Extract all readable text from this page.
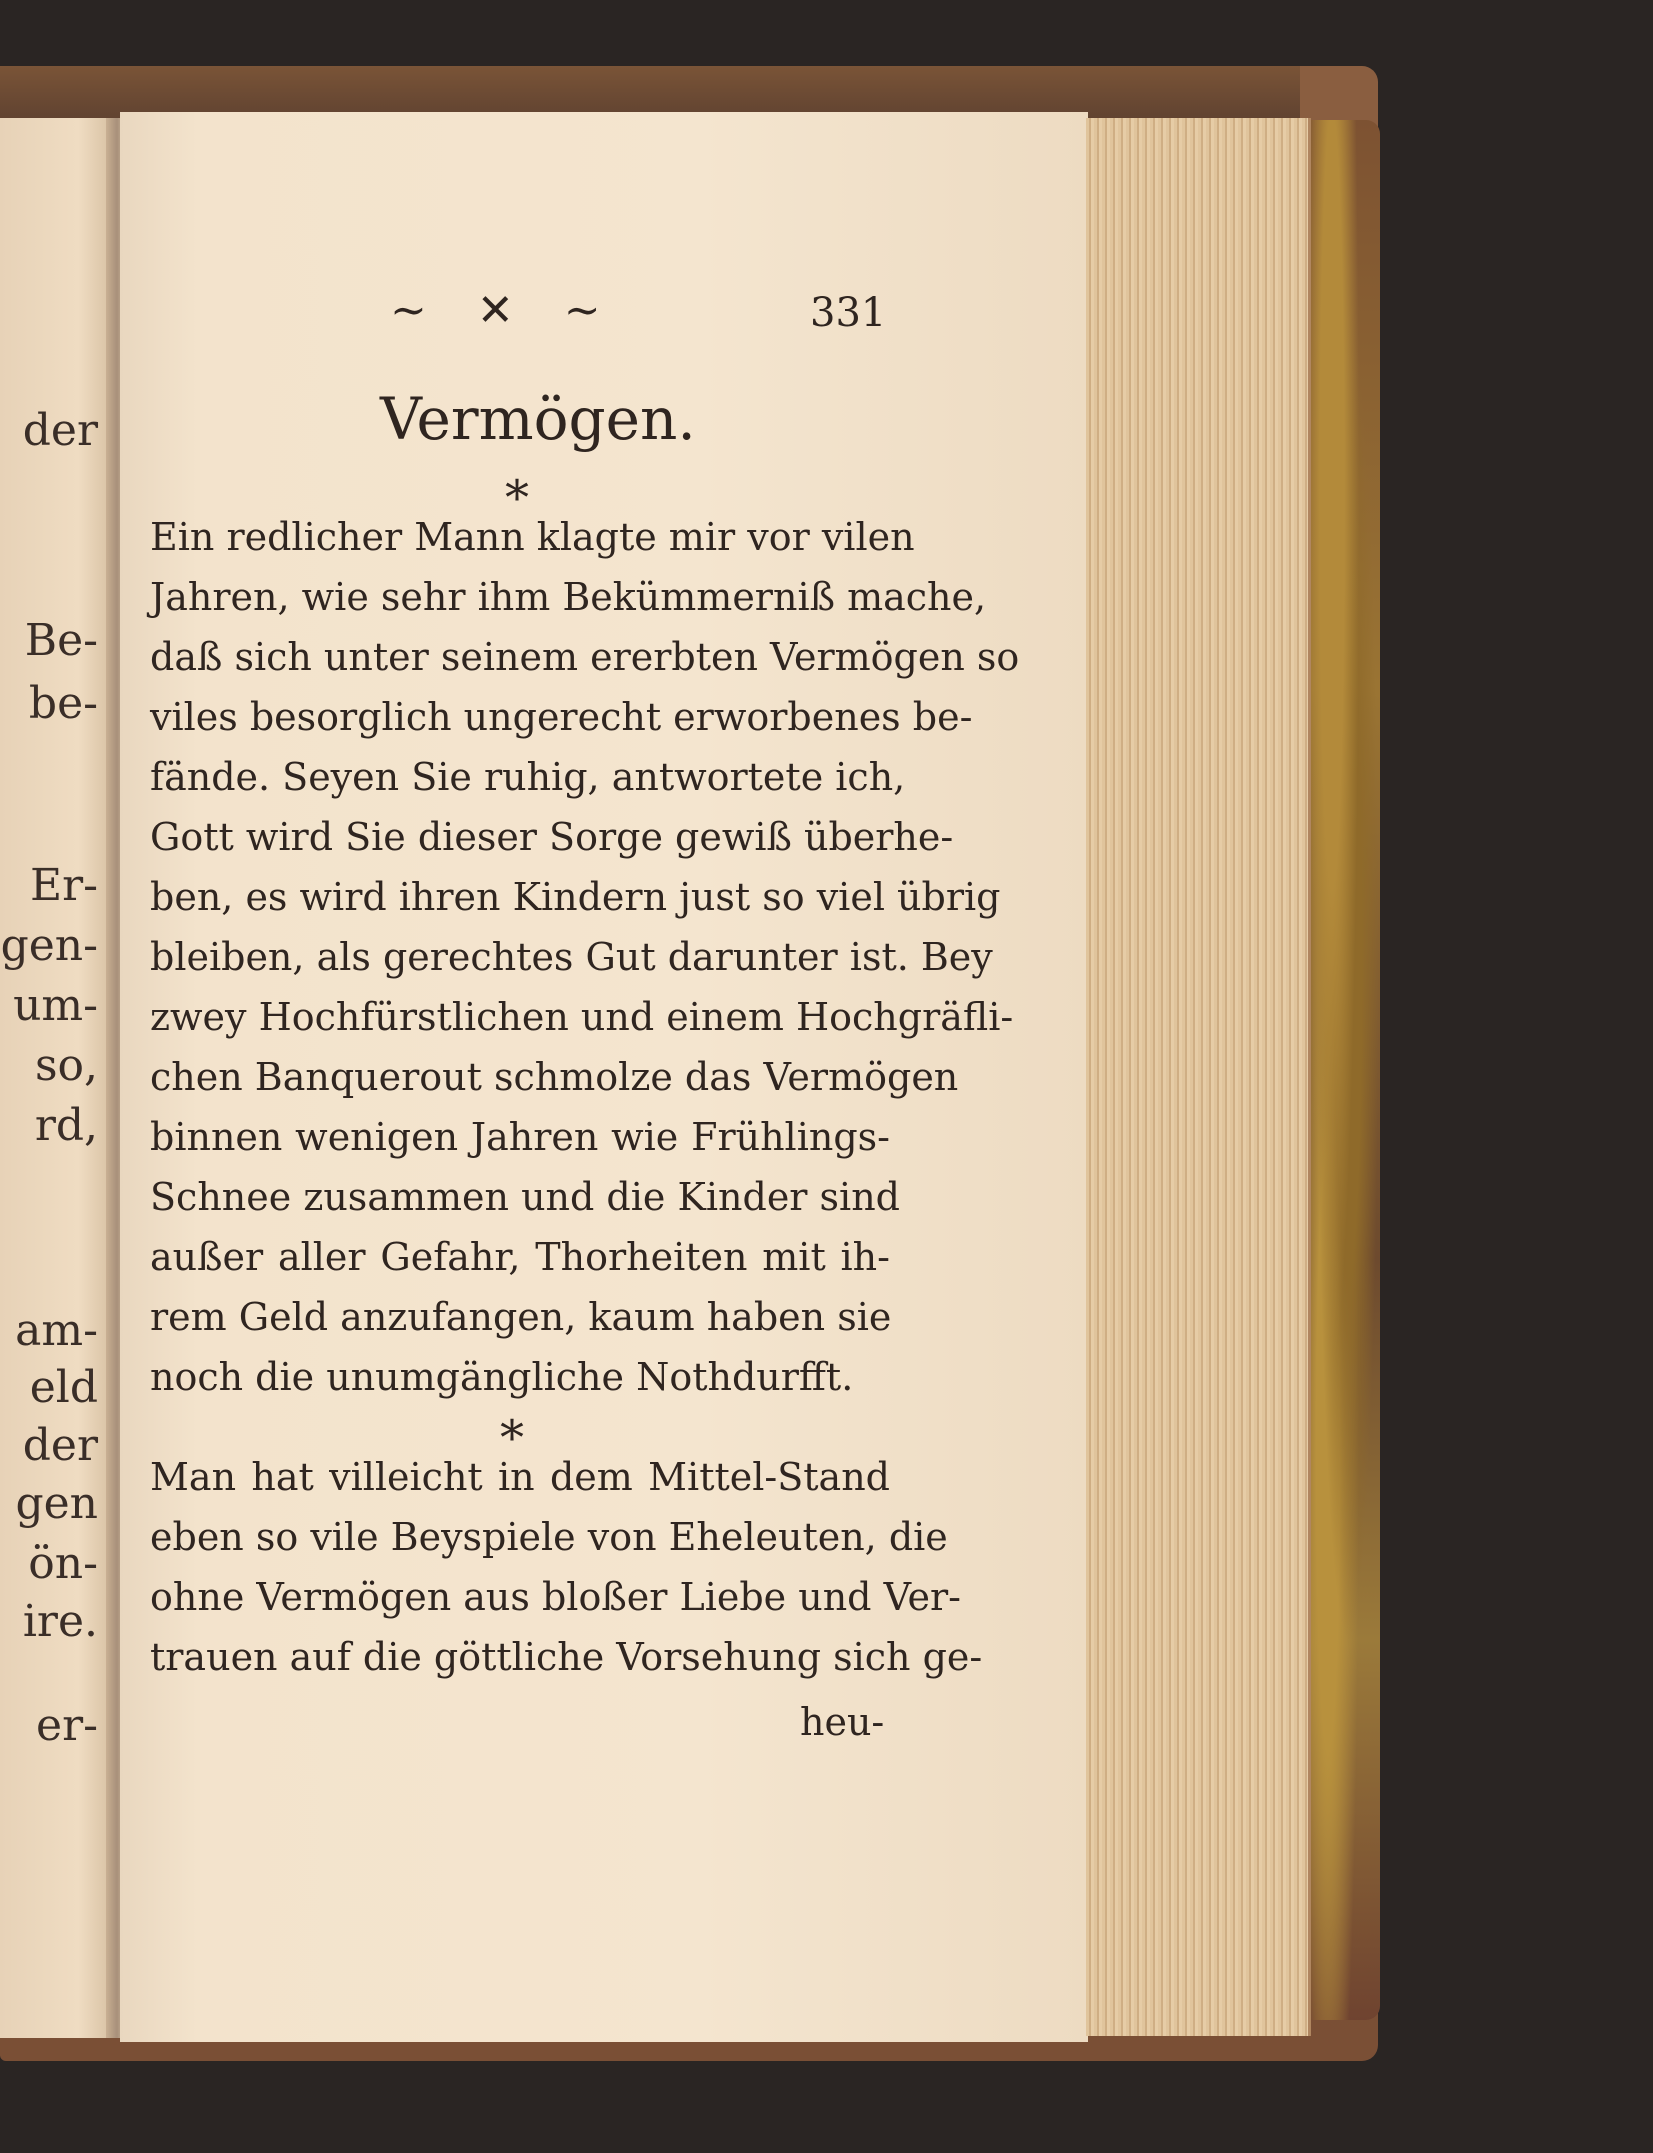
der
Be-
be-
Er-
gen-
um-
so,
rd,
am-
eld
der
gen
ön-
ire.
er-
~ ✕ ~	331
Vermögen.
*
Ein redlicher Mann klagte mir vor vilen
Jahren, wie sehr ihm Bekümmerniß mache,
daß sich unter seinem ererbten Vermögen so
viles besorglich ungerecht erworbenes be-
fände. Seyen Sie ruhig, antwortete ich,
Gott wird Sie dieser Sorge gewiß überhe-
ben, es wird ihren Kindern just so viel übrig
bleiben, als gerechtes Gut darunter ist. Bey
zwey Hochfürstlichen und einem Hochgräfli-
chen Banquerout schmolze das Vermögen
binnen wenigen Jahren wie Frühlings-
Schnee zusammen und die Kinder sind
außer aller Gefahr, Thorheiten mit ih-
rem Geld anzufangen, kaum haben sie
noch die unumgängliche Nothdurfft.
*
Man hat villeicht in dem Mittel-Stand
eben so vile Beyspiele von Eheleuten, die
ohne Vermögen aus bloßer Liebe und Ver-
trauen auf die göttliche Vorsehung sich ge-
heu-
